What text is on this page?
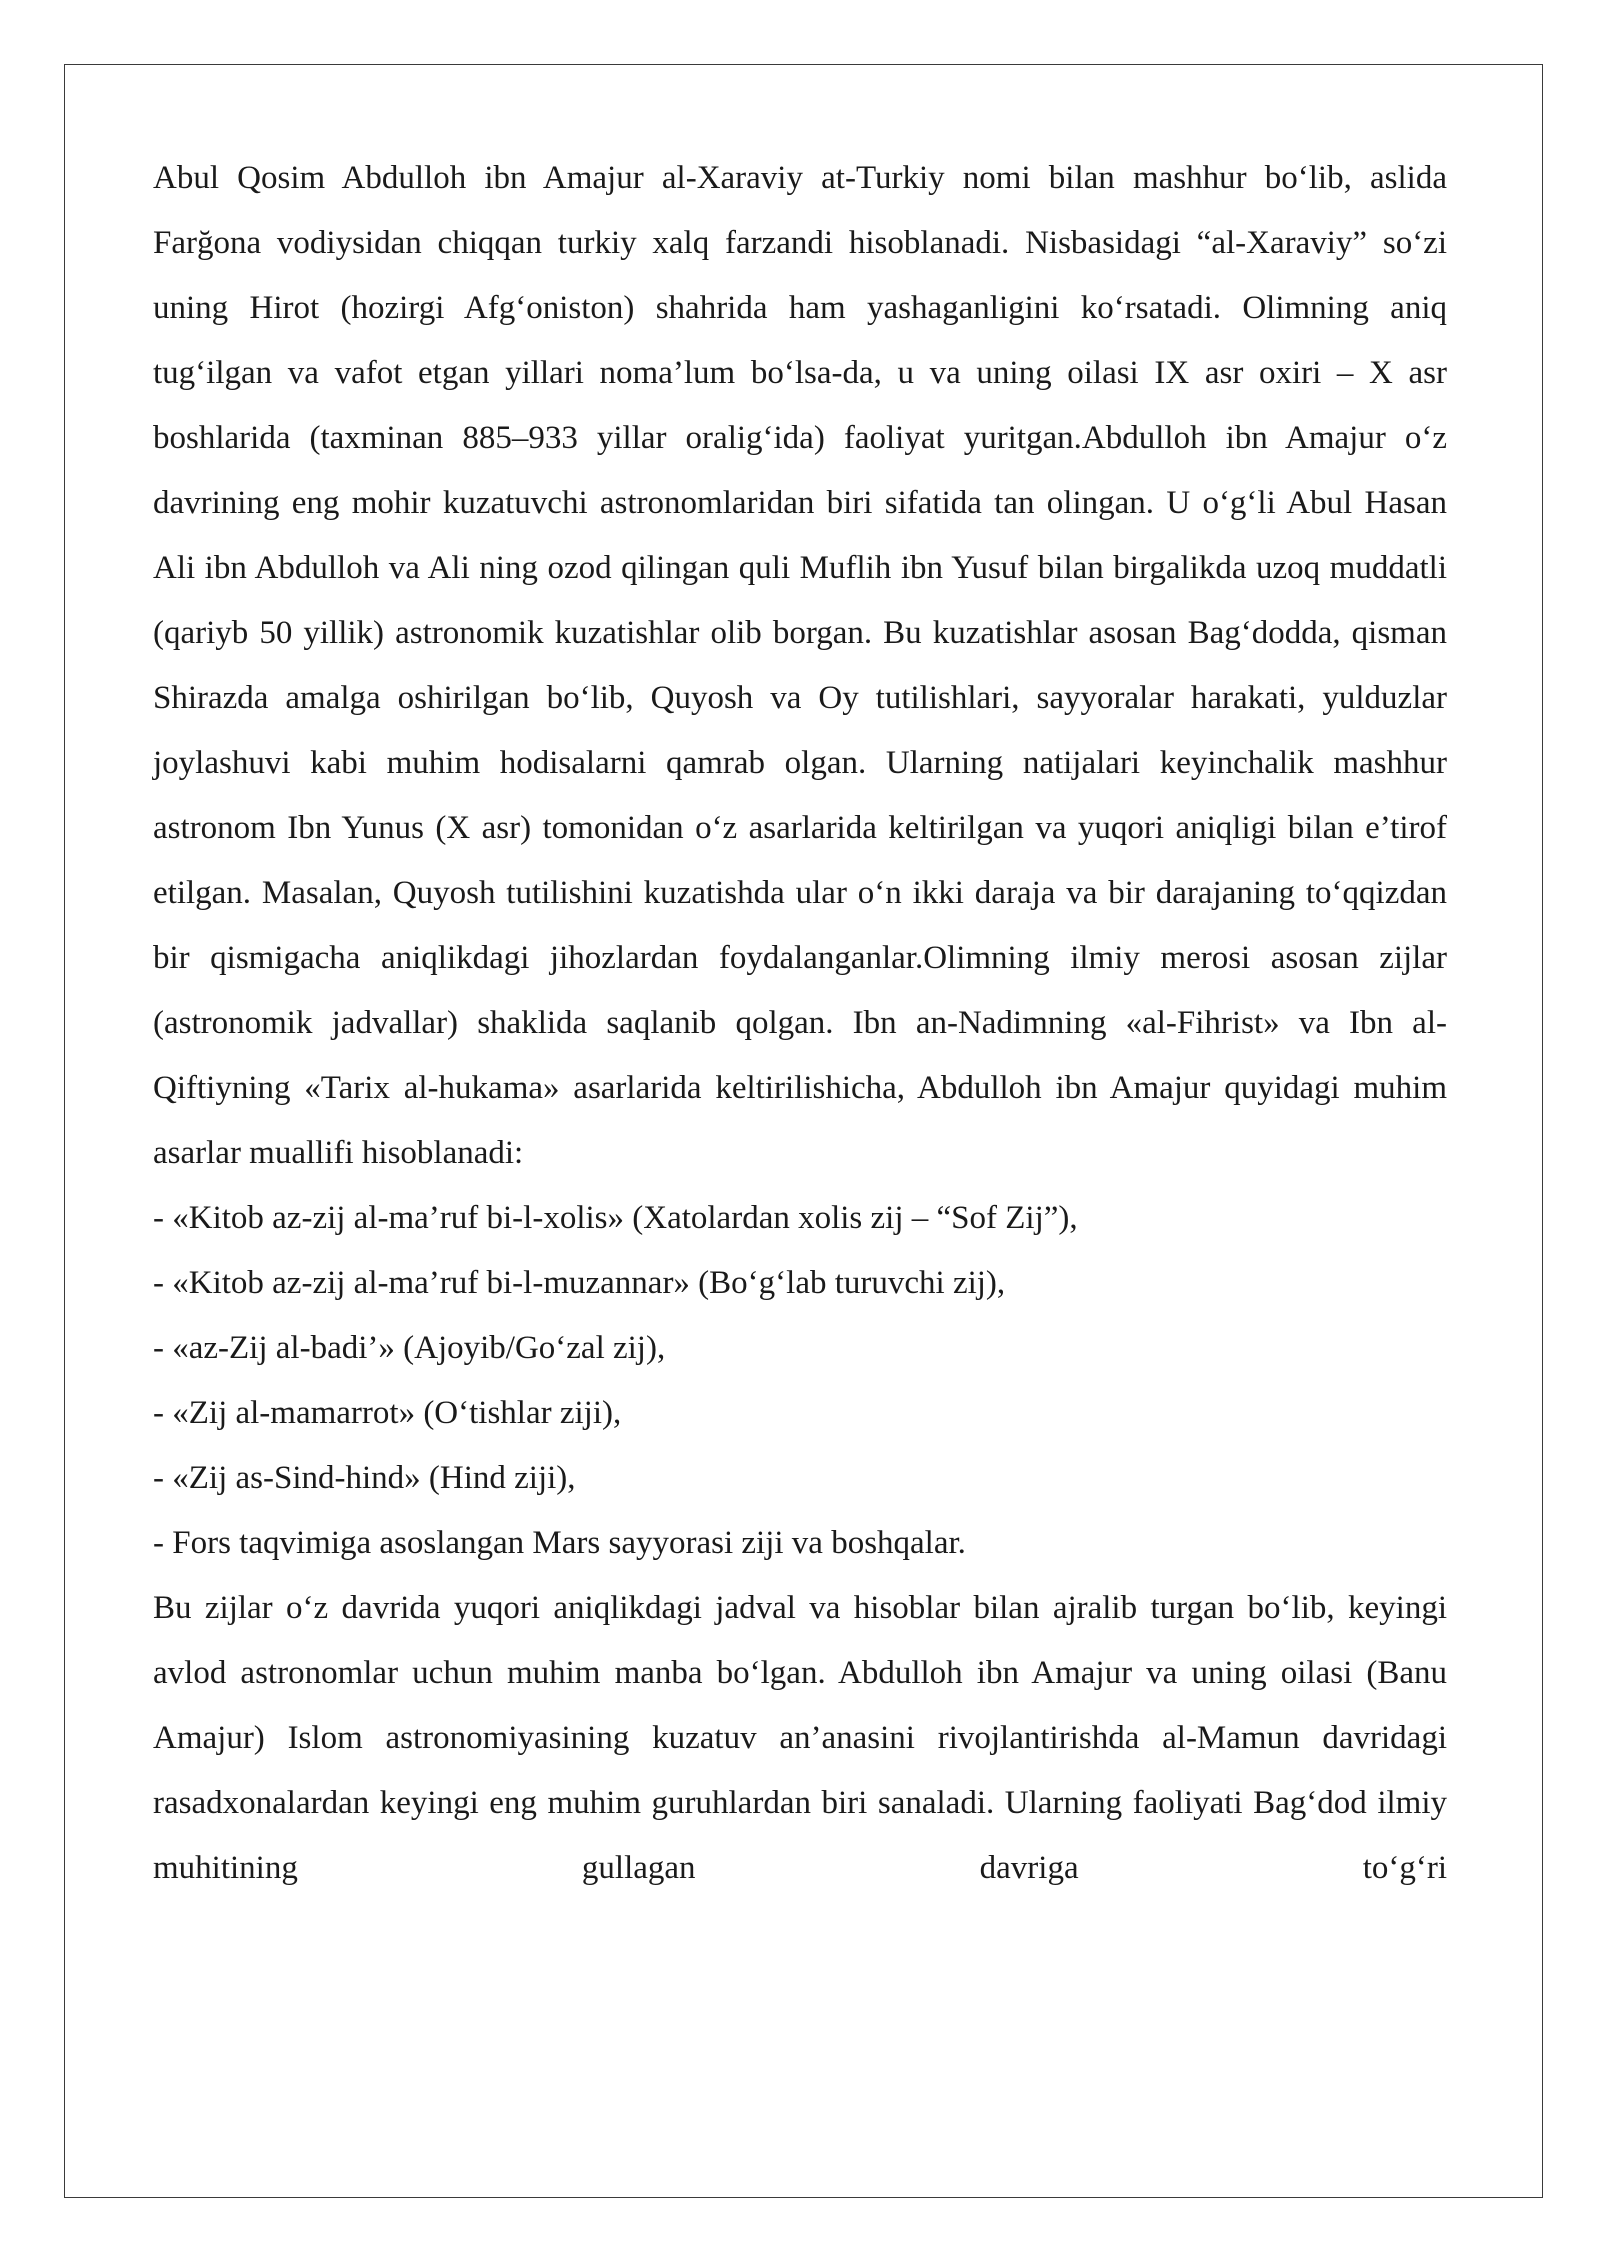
Abul Qosim Abdulloh ibn Amajur al-Xaraviy at-Turkiy nomi bilan mashhur bo‘lib, aslida Farğona vodiysidan chiqqan turkiy xalq farzandi hisoblanadi. Nisbasidagi “al-Xaraviy” so‘zi uning Hirot (hozirgi Afg‘oniston) shahrida ham yashaganligini ko‘rsatadi. Olimning aniq tug‘ilgan va vafot etgan yillari noma’lum bo‘lsa-da, u va uning oilasi IX asr oxiri – X asr boshlarida (taxminan 885–933 yillar oralig‘ida) faoliyat yuritgan.Abdulloh ibn Amajur o‘z davrining eng mohir kuzatuvchi astronomlaridan biri sifatida tan olingan. U o‘g‘li Abul Hasan Ali ibn Abdulloh va Ali ning ozod qilingan quli Muflih ibn Yusuf bilan birgalikda uzoq muddatli (qariyb 50 yillik) astronomik kuzatishlar olib borgan. Bu kuzatishlar asosan Bag‘dodda, qisman Shirazda amalga oshirilgan bo‘lib, Quyosh va Oy tutilishlari, sayyoralar harakati, yulduzlar joylashuvi kabi muhim hodisalarni qamrab olgan. Ularning natijalari keyinchalik mashhur astronom Ibn Yunus (X asr) tomonidan o‘z asarlarida keltirilgan va yuqori aniqligi bilan e’tirof etilgan. Masalan, Quyosh tutilishini kuzatishda ular o‘n ikki daraja va bir darajaning to‘qqizdan bir qismigacha aniqlikdagi jihozlardan foydalanganlar.Olimning ilmiy merosi asosan zijlar (astronomik jadvallar) shaklida saqlanib qolgan. Ibn an-Nadimning «al-Fihrist» va Ibn al-Qiftiyning «Tarix al-hukama» asarlarida keltirilishicha, Abdulloh ibn Amajur quyidagi muhim asarlar muallifi hisoblanadi:

- «Kitob az-zij al-ma’ruf bi-l-xolis» (Xatolardan xolis zij – “Sof Zij”),
- «Kitob az-zij al-ma’ruf bi-l-muzannar» (Bo‘g‘lab turuvchi zij),
- «az-Zij al-badi’» (Ajoyib/Go‘zal zij),
- «Zij al-mamarrot» (O‘tishlar ziji),
- «Zij as-Sind-hind» (Hind ziji),
- Fors taqvimiga asoslangan Mars sayyorasi ziji va boshqalar.

Bu zijlar o‘z davrida yuqori aniqlikdagi jadval va hisoblar bilan ajralib turgan bo‘lib, keyingi avlod astronomlar uchun muhim manba bo‘lgan. Abdulloh ibn Amajur va uning oilasi (Banu Amajur) Islom astronomiyasining kuzatuv an’anasini rivojlantirishda al-Mamun davridagi rasadxonalardan keyingi eng muhim guruhlardan biri sanaladi. Ularning faoliyati Bag‘dod ilmiy muhitining gullagan davriga to‘g‘ri
